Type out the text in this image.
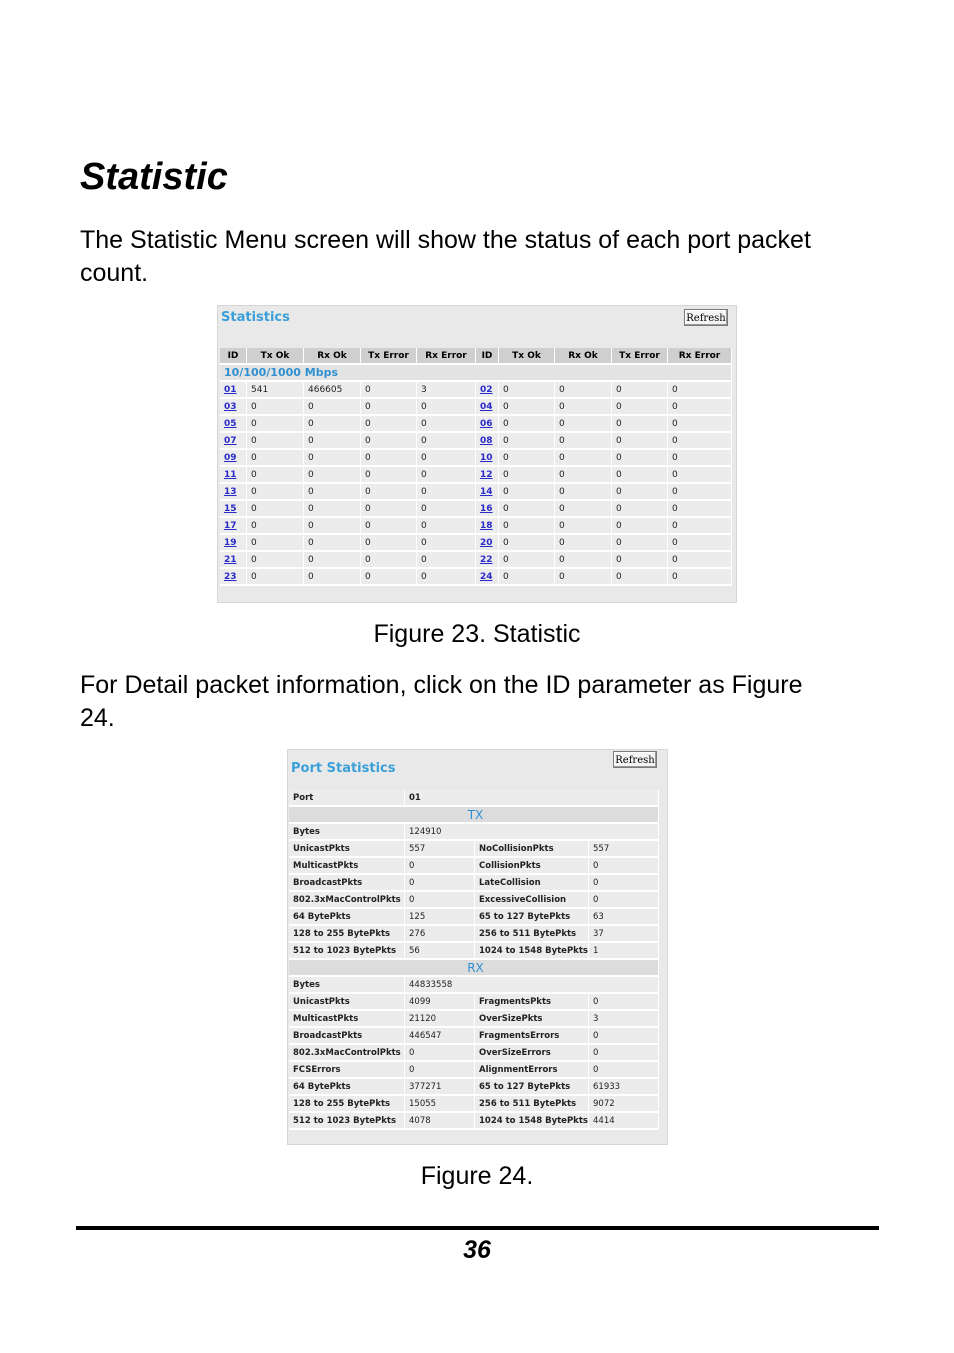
Statistic
The Statistic Menu screen will show the status of each port packet count.
Statistics	Refresh
ID	Tx Ok	Rx Ok	Tx Error	Rx Error	ID	Tx Ok	Rx Ok	Tx Error	Rx Error
10/100/1000 Mbps									
01	541	466605	0	3	02	0	0	0	0
03	0	0	0	0	04	0	0	0	0
05	0	0	0	0	06	0	0	0	0
07	0	0	0	0	08	0	0	0	0
09	0	0	0	0	10	0	0	0	0
11	0	0	0	0	12	0	0	0	0
13	0	0	0	0	14	0	0	0	0
15	0	0	0	0	16	0	0	0	0
17	0	0	0	0	18	0	0	0	0
19	0	0	0	0	20	0	0	0	0
21	0	0	0	0	22	0	0	0	0
23	0	0	0	0	24	0	0	0	0
Figure 23. Statistic
For Detail packet information, click on the ID parameter as Figure 24.
Port Statistics
Refresh
Port	01		
TX			
Bytes	124910		
UnicastPkts	557	NoCollisionPkts	557
MulticastPkts	0	CollisionPkts	0
BroadcastPkts	0	LateCollision	0
802.3xMacControlPkts	0	ExcessiveCollision	0
64 BytePkts	125	65 to 127 BytePkts	63
128 to 255 BytePkts	276	256 to 511 BytePkts	37
512 to 1023 BytePkts	56	1024 to 1548 BytePkts	1
RX			
Bytes	44833558		
UnicastPkts	4099	FragmentsPkts	0
MulticastPkts	21120	OverSizePkts	3
BroadcastPkts	446547	FragmentsErrors	0
802.3xMacControlPkts	0	OverSizeErrors	0
FCSErrors	0	AlignmentErrors	0
64 BytePkts	377271	65 to 127 BytePkts	61933
128 to 255 BytePkts	15055	256 to 511 BytePkts	9072
512 to 1023 BytePkts	4078	1024 to 1548 BytePkts	4414
Figure 24.
36
